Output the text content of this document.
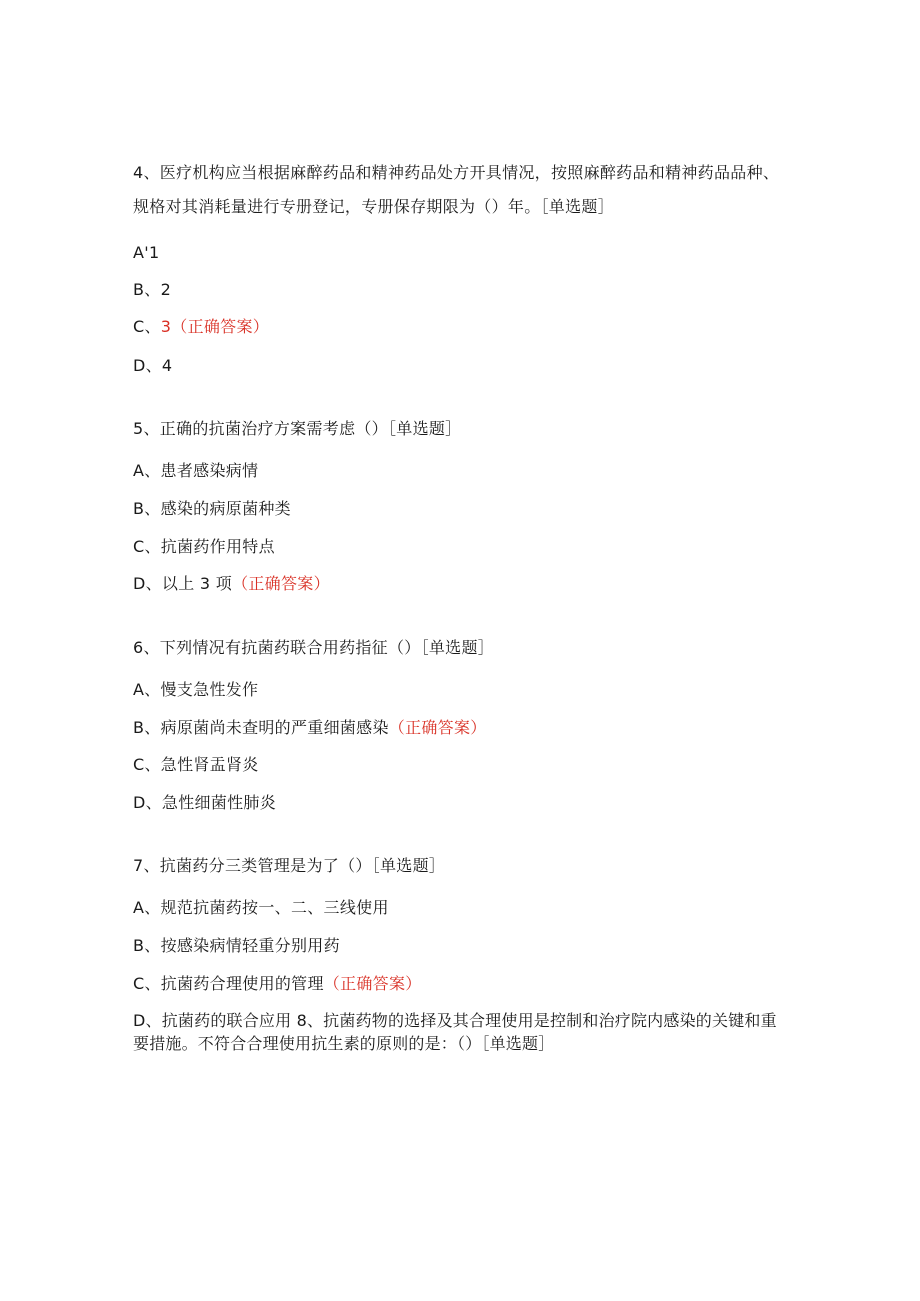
4、医疗机构应当根据麻醉药品和精神药品处方开具情况，按照麻醉药品和精神药品品种、规格对其消耗量进行专册登记，专册保存期限为（）年。［单选题］
A'1
B、2
C、3（正确答案）
D、4
5、正确的抗菌治疗方案需考虑（）［单选题］
A、患者感染病情
B、感染的病原菌种类
C、抗菌药作用特点
D、以上 3 项（正确答案）
6、下列情况有抗菌药联合用药指征（）［单选题］
A、慢支急性发作
B、病原菌尚未查明的严重细菌感染（正确答案）
C、急性肾盂肾炎
D、急性细菌性肺炎
7、抗菌药分三类管理是为了（）［单选题］
A、规范抗菌药按一、二、三线使用
B、按感染病情轻重分别用药
C、抗菌药合理使用的管理（正确答案）
D、抗菌药的联合应用 8、抗菌药物的选择及其合理使用是控制和治疗院内感染的关键和重要措施。不符合合理使用抗生素的原则的是：（）［单选题］
